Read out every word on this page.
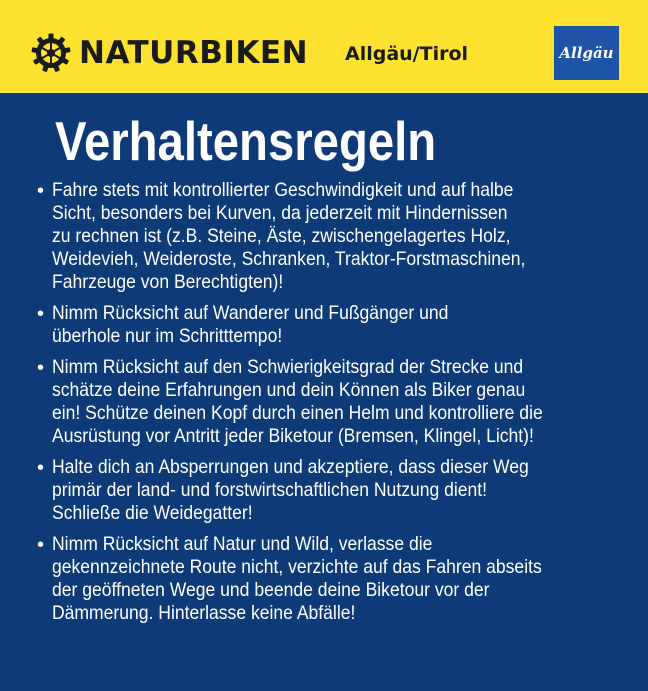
NATURBIKEN Allgäu/Tirol	Allgäu
Verhaltensregeln
• Fahre stets mit kontrollierter Geschwindigkeit und auf halbe
Sicht, besonders bei Kurven, da jederzeit mit Hindernissen
zu rechnen ist (z.B. Steine, Äste, zwischengelagertes Holz,
Weidevieh, Weideroste, Schranken, Traktor-Forstmaschinen,
Fahrzeuge von Berechtigten)!
• Nimm Rücksicht auf Wanderer und Fußgänger und
überhole nur im Schritttempo!
• Nimm Rücksicht auf den Schwierigkeitsgrad der Strecke und
schätze deine Erfahrungen und dein Können als Biker genau
ein! Schütze deinen Kopf durch einen Helm und kontrolliere die
Ausrüstung vor Antritt jeder Biketour (Bremsen, Klingel, Licht)!
• Halte dich an Absperrungen und akzeptiere, dass dieser Weg
primär der land- und forstwirtschaftlichen Nutzung dient!
Schließe die Weidegatter!
• Nimm Rücksicht auf Natur und Wild, verlasse die
gekennzeichnete Route nicht, verzichte auf das Fahren abseits
der geöffneten Wege und beende deine Biketour vor der
Dämmerung. Hinterlasse keine Abfälle!
